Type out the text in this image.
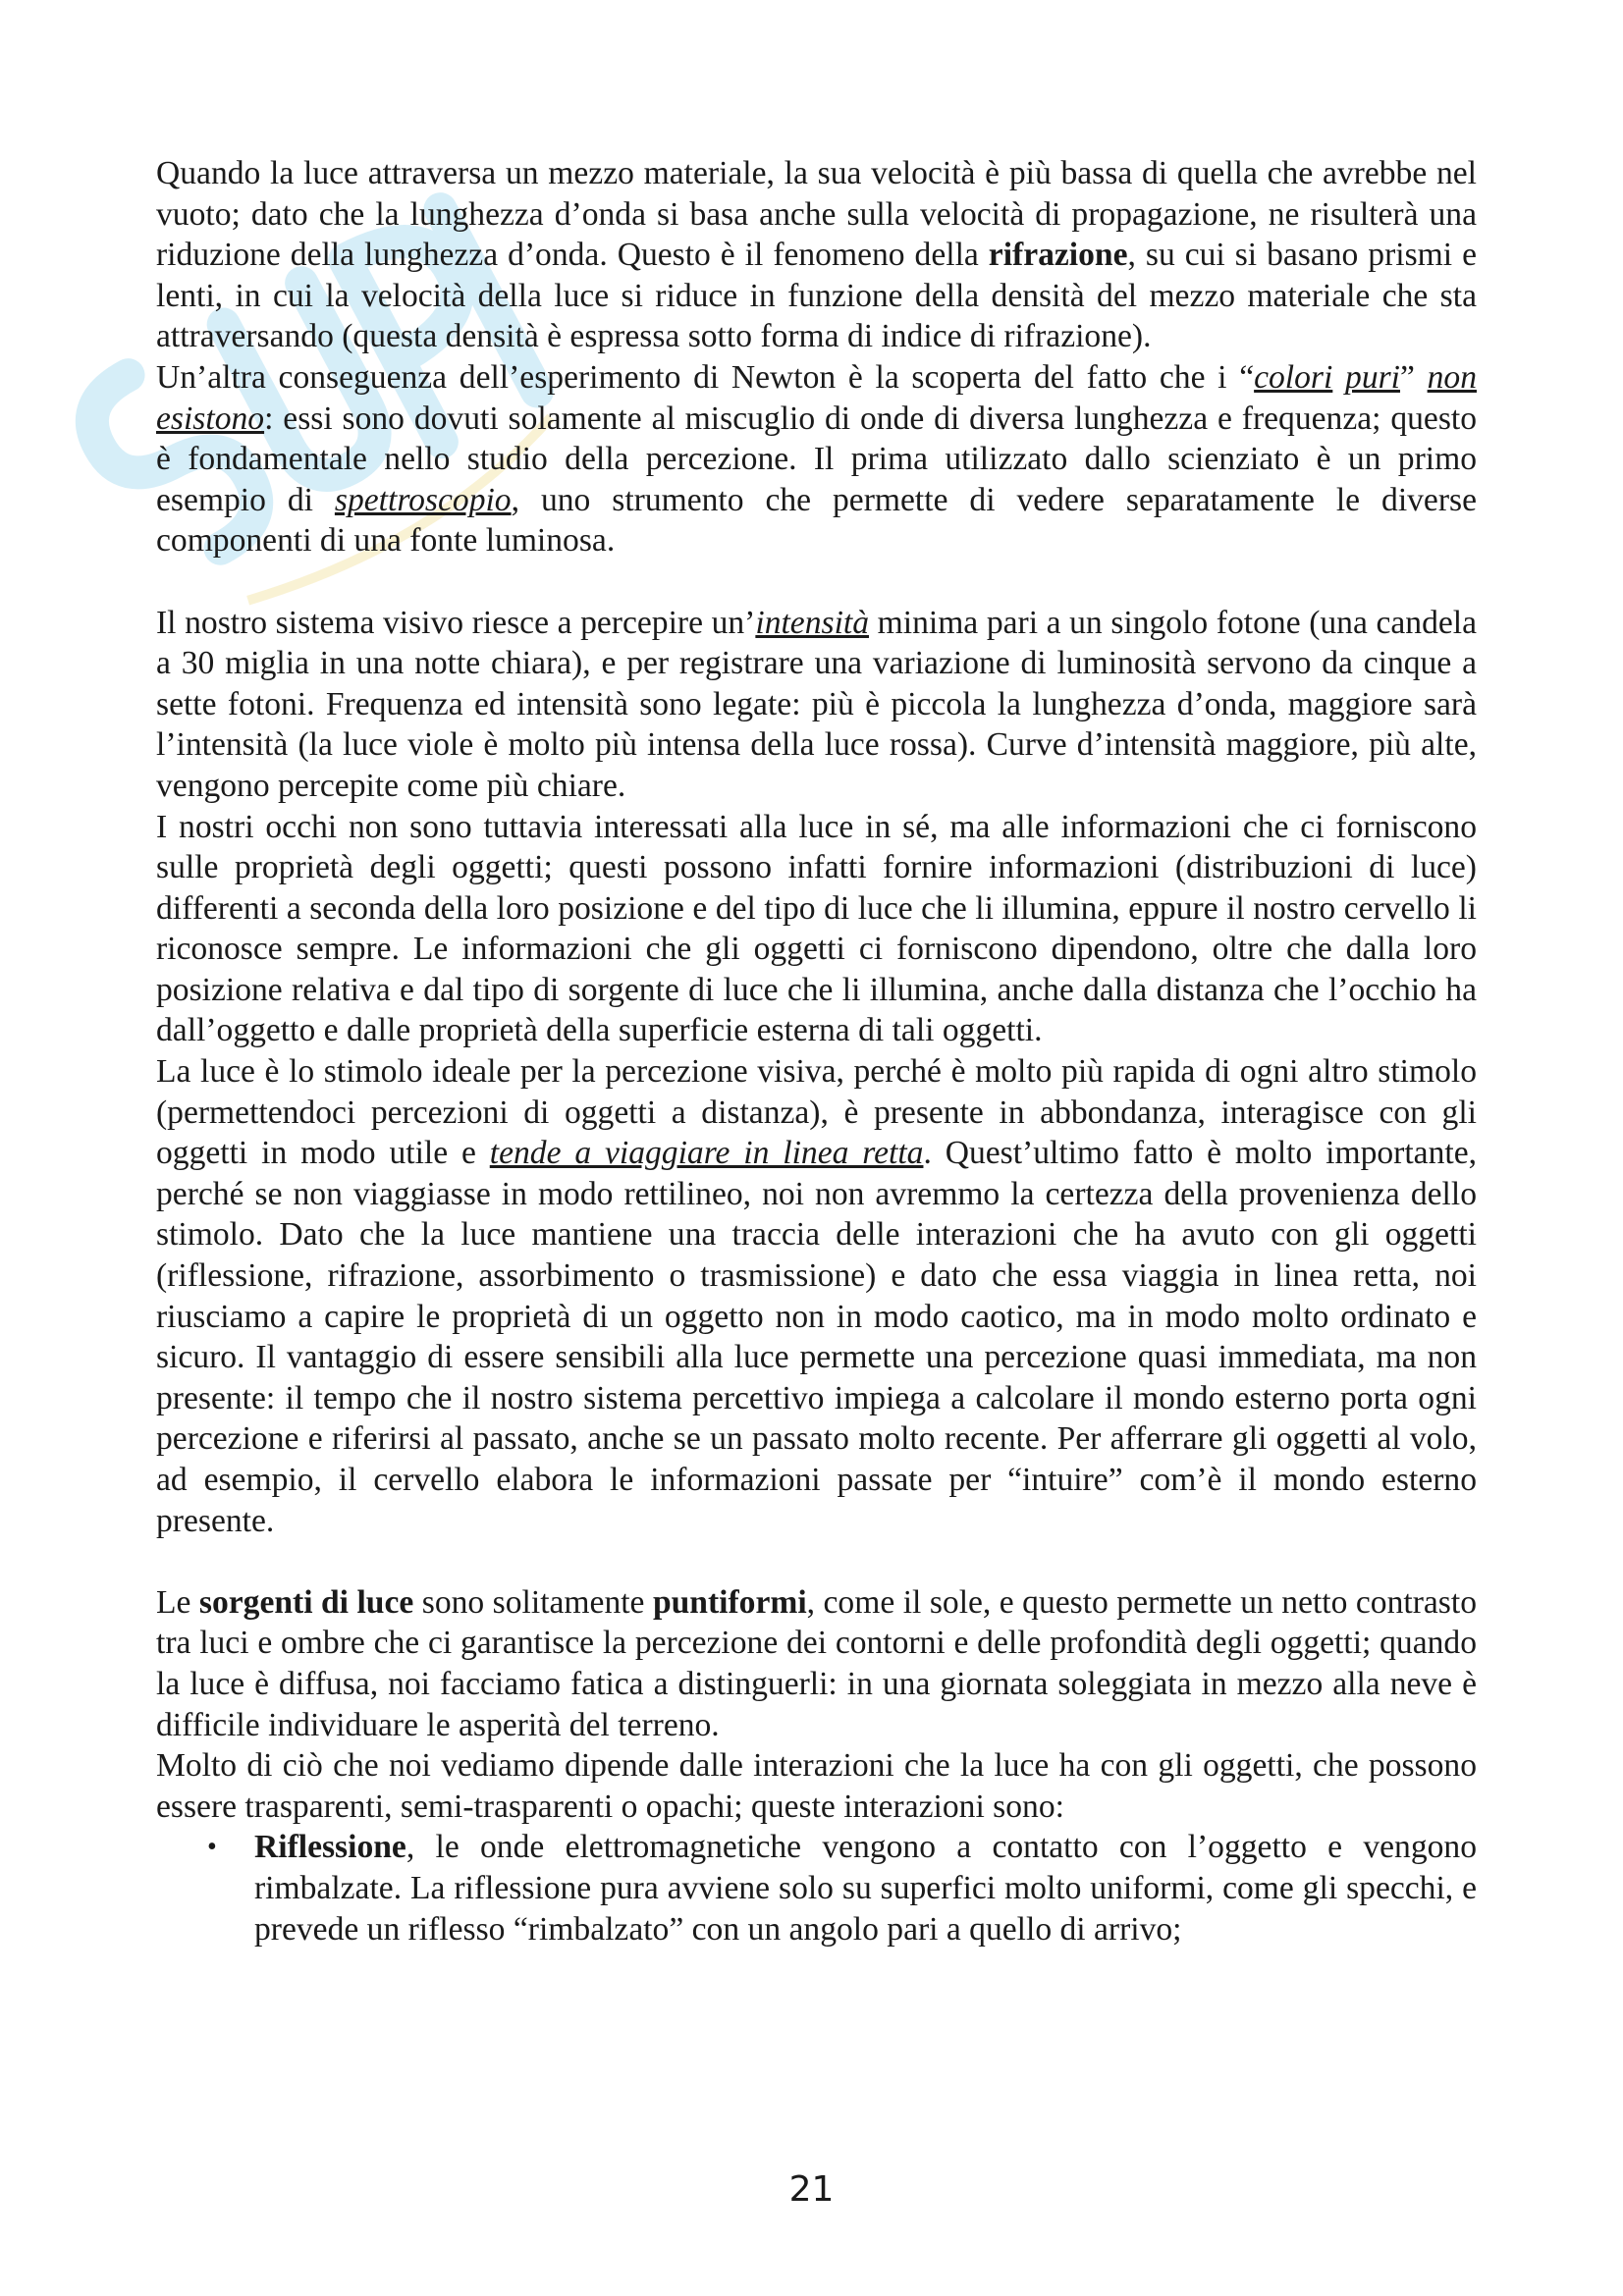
Quando la luce attraversa un mezzo materiale, la sua velocità è più bassa di quella che avrebbe nel vuoto; dato che la lunghezza d’onda si basa anche sulla velocità di propagazione, ne risulterà una riduzione della lunghezza d’onda. Questo è il fenomeno della rifrazione, su cui si basano prismi e lenti, in cui la velocità della luce si riduce in funzione della densità del mezzo materiale che sta attraversando (questa densità è espressa sotto forma di indice di rifrazione).

Un’altra conseguenza dell’esperimento di Newton è la scoperta del fatto che i “colori puri” non esistono: essi sono dovuti solamente al miscuglio di onde di diversa lunghezza e frequenza; questo è fondamentale nello studio della percezione. Il prima utilizzato dallo scienziato è un primo esempio di spettroscopio, uno strumento che permette di vedere separatamente le diverse componenti di una fonte luminosa.

Il nostro sistema visivo riesce a percepire un’intensità minima pari a un singolo fotone (una candela a 30 miglia in una notte chiara), e per registrare una variazione di luminosità servono da cinque a sette fotoni. Frequenza ed intensità sono legate: più è piccola la lunghezza d’onda, maggiore sarà l’intensità (la luce viole è molto più intensa della luce rossa). Curve d’intensità maggiore, più alte, vengono percepite come più chiare.

I nostri occhi non sono tuttavia interessati alla luce in sé, ma alle informazioni che ci forniscono sulle proprietà degli oggetti; questi possono infatti fornire informazioni (distribuzioni di luce) differenti a seconda della loro posizione e del tipo di luce che li illumina, eppure il nostro cervello li riconosce sempre. Le informazioni che gli oggetti ci forniscono dipendono, oltre che dalla loro posizione relativa e dal tipo di sorgente di luce che li illumina, anche dalla distanza che l’occhio ha dall’oggetto e dalle proprietà della superficie esterna di tali oggetti.

La luce è lo stimolo ideale per la percezione visiva, perché è molto più rapida di ogni altro stimolo (permettendoci percezioni di oggetti a distanza), è presente in abbondanza, interagisce con gli oggetti in modo utile e tende a viaggiare in linea retta. Quest’ultimo fatto è molto importante, perché se non viaggiasse in modo rettilineo, noi non avremmo la certezza della provenienza dello stimolo. Dato che la luce mantiene una traccia delle interazioni che ha avuto con gli oggetti (riflessione, rifrazione, assorbimento o trasmissione) e dato che essa viaggia in linea retta, noi riusciamo a capire le proprietà di un oggetto non in modo caotico, ma in modo molto ordinato e sicuro. Il vantaggio di essere sensibili alla luce permette una percezione quasi immediata, ma non presente: il tempo che il nostro sistema percettivo impiega a calcolare il mondo esterno porta ogni percezione e riferirsi al passato, anche se un passato molto recente. Per afferrare gli oggetti al volo, ad esempio, il cervello elabora le informazioni passate per “intuire” com’è il mondo esterno presente.

Le sorgenti di luce sono solitamente puntiformi, come il sole, e questo permette un netto contrasto tra luci e ombre che ci garantisce la percezione dei contorni e delle profondità degli oggetti; quando la luce è diffusa, noi facciamo fatica a distinguerli: in una giornata soleggiata in mezzo alla neve è difficile individuare le asperità del terreno.

Molto di ciò che noi vediamo dipende dalle interazioni che la luce ha con gli oggetti, che possono essere trasparenti, semi-trasparenti o opachi; queste interazioni sono:

• Riflessione, le onde elettromagnetiche vengono a contatto con l’oggetto e vengono rimbalzate. La riflessione pura avviene solo su superfici molto uniformi, come gli specchi, e prevede un riflesso “rimbalzato” con un angolo pari a quello di arrivo;
21
